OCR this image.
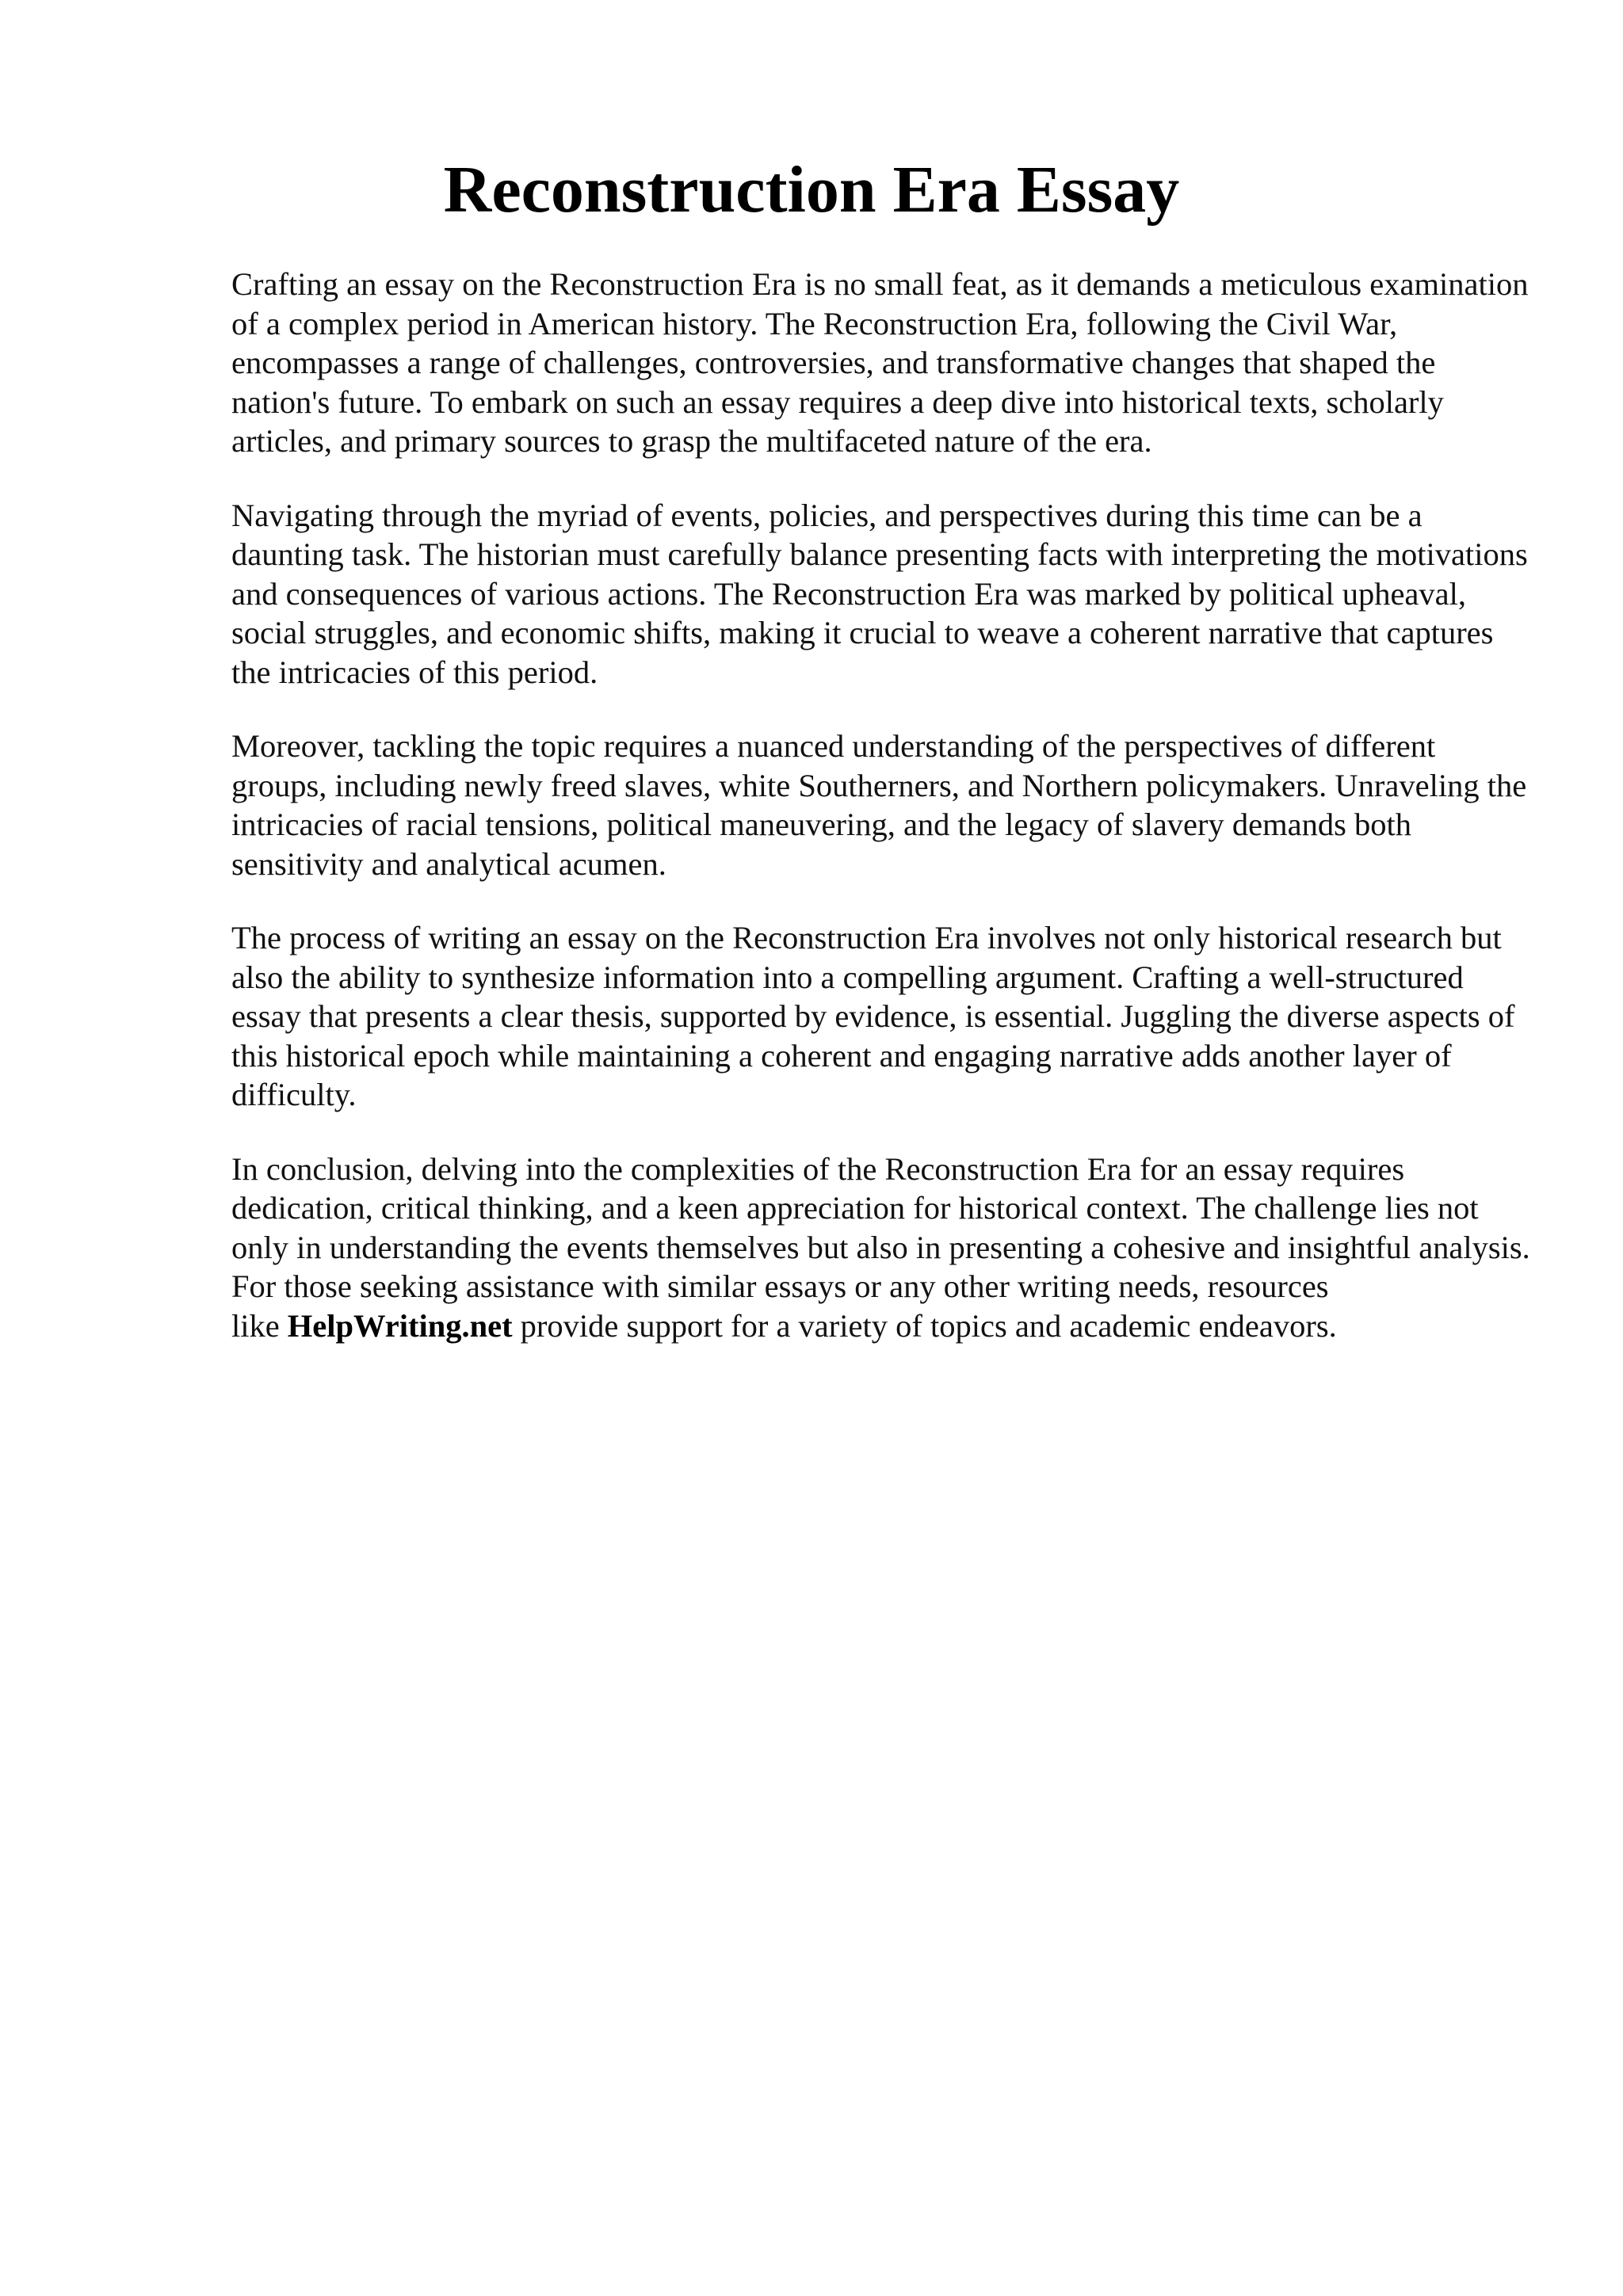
Reconstruction Era Essay

Crafting an essay on the Reconstruction Era is no small feat, as it demands a meticulous examination of a complex period in American history. The Reconstruction Era, following the Civil War, encompasses a range of challenges, controversies, and transformative changes that shaped the nation's future. To embark on such an essay requires a deep dive into historical texts, scholarly articles, and primary sources to grasp the multifaceted nature of the era.

Navigating through the myriad of events, policies, and perspectives during this time can be a daunting task. The historian must carefully balance presenting facts with interpreting the motivations and consequences of various actions. The Reconstruction Era was marked by political upheaval, social struggles, and economic shifts, making it crucial to weave a coherent narrative that captures the intricacies of this period.

Moreover, tackling the topic requires a nuanced understanding of the perspectives of different groups, including newly freed slaves, white Southerners, and Northern policymakers. Unraveling the intricacies of racial tensions, political maneuvering, and the legacy of slavery demands both sensitivity and analytical acumen.

The process of writing an essay on the Reconstruction Era involves not only historical research but also the ability to synthesize information into a compelling argument. Crafting a well-structured essay that presents a clear thesis, supported by evidence, is essential. Juggling the diverse aspects of this historical epoch while maintaining a coherent and engaging narrative adds another layer of difficulty.

In conclusion, delving into the complexities of the Reconstruction Era for an essay requires dedication, critical thinking, and a keen appreciation for historical context. The challenge lies not only in understanding the events themselves but also in presenting a cohesive and insightful analysis. For those seeking assistance with similar essays or any other writing needs, resources like HelpWriting.net provide support for a variety of topics and academic endeavors.
